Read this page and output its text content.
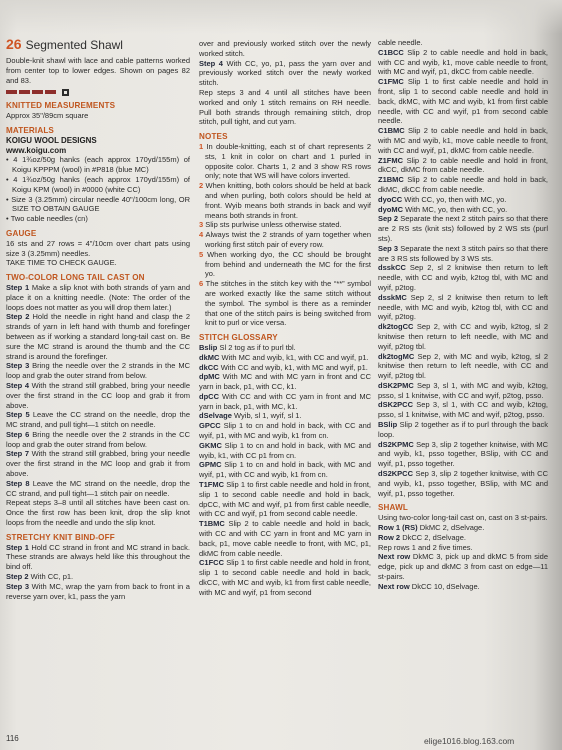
26 Segmented Shawl
Double-knit shawl with lace and cable patterns worked from center top to lower edges. Shown on pages 82 and 83.
KNITTED MEASUREMENTS
Approx 35"/89cm square
MATERIALS
KOIGU WOOL DESIGNS
www.koigu.com
• 4 1¾oz/50g hanks (each approx 170yd/155m) of Koigu KPPPM (wool) in #P818 (blue MC)
• 4 1¾oz/50g hanks (each approx 170yd/155m) of Koigu KPM (wool) in #0000 (white CC)
• Size 3 (3.25mm) circular needle 40"/100cm long, OR SIZE TO OBTAIN GAUGE
• Two cable needles (cn)
GAUGE
16 sts and 27 rows = 4"/10cm over chart pats using size 3 (3.25mm) needles.
TAKE TIME TO CHECK GAUGE.
TWO-COLOR LONG TAIL CAST ON
Step 1 Make a slip knot with both strands of yarn and place it on a knitting needle. (Note: The order of the loops does not matter as you will drop them later.)
Step 2 Hold the needle in right hand and clasp the 2 strands of yarn in left hand with thumb and forefinger between as if working a standard long-tail cast on. Be sure the MC strand is around the thumb and the CC strand is around the forefinger.
Step 3 Bring the needle over the 2 strands in the MC loop and grab the outer strand from below.
Step 4 With the strand still grabbed, bring your needle over the first strand in the CC loop and grab it from above.
Step 5 Leave the CC strand on the needle, drop the MC strand, and pull tight—1 stitch on needle.
Step 6 Bring the needle over the 2 strands in the CC loop and grab the outer strand from below.
Step 7 With the strand still grabbed, bring your needle over the first strand in the MC loop and grab it from above.
Step 8 Leave the MC strand on the needle, drop the CC strand, and pull tight—1 stitch pair on needle.
Repeat steps 3–8 until all stitches have been cast on. Once the first row has been knit, drop the slip knot loops from the needle and undo the slip knot.
STRETCHY KNIT BIND-OFF
Step 1 Hold CC strand in front and MC strand in back. These strands are always held like this throughout the bind off.
Step 2 With CC, p1.
Step 3 With MC, wrap the yarn from back to front in a reverse yarn over, k1, pass the yarn
over and previously worked stitch over the newly worked stitch.
Step 4 With CC, yo, p1, pass the yarn over and previously worked stitch over the newly worked stitch.
Rep steps 3 and 4 until all stitches have been worked and only 1 stitch remains on RH needle. Pull both strands through remaining stitch, drop stitch, pull tight, and cut yarn.
NOTES
1 In double-knitting, each st of chart represents 2 sts, 1 knit in color on chart and 1 purled in opposite color. Charts 1, 2 and 3 show RS rows only; note that WS will have colors inverted.
2 When knitting, both colors should be held at back and when purling, both colors should be held at front. Wyib means both strands in back and wyif means both strands in front.
3 Slip sts purlwise unless otherwise stated.
4 Always twist the 2 strands of yarn together when working first stitch pair of every row.
5 When working dyo, the CC should be brought from behind and underneath the MC for the first yo.
6 The stitches in the stitch key with the “**” symbol are worked exactly like the same stitch without the symbol. The symbol is there as a reminder that one of the stitch pairs is being switched from knit to purl or vice versa.
STITCH GLOSSARY
Bslip Sl 2 tog as if to purl tbl.
dkMC With MC and wyib, k1, with CC and wyif, p1.
dkCC With CC and wyib, k1, with MC and wyif, p1.
dpMC With MC and with MC yarn in front and CC yarn in back, p1, with CC, k1.
dpCC With CC and with CC yarn in front and MC yarn in back, p1, with MC, k1.
dSelvage Wyib, sl 1, wyif, sl 1.
GPCC Slip 1 to cn and hold in back, with CC and wyif, p1, with MC and wyib, k1 from cn.
GKMC Slip 1 to cn and hold in back, with MC and wyib, k1, with CC p1 from cn.
GPMC Slip 1 to cn and hold in back, with MC and wyif, p1, with CC and wyib, k1 from cn.
T1FMC Slip 1 to first cable needle and hold in front, slip 1 to second cable needle and hold in back, dpCC, with MC and wyif, p1 from first cable needle, with CC and wyif, p1 from second cable needle.
T1BMC Slip 2 to cable needle and hold in back, with CC and with CC yarn in front and MC yarn in back, p1, move cable needle to front, with MC, p1, dkMC from cable needle.
C1FCC Slip 1 to first cable needle and hold in front, slip 1 to second cable needle and hold in back, dkCC, with MC and wyib, k1 from first cable needle, with MC and wyif, p1 from second
cable needle.
C1BCC Slip 2 to cable needle and hold in back, with CC and wyib, k1, move cable needle to front, with MC and wyif, p1, dkCC from cable needle.
C1FMC Slip 1 to first cable needle and hold in front, slip 1 to second cable needle and hold in back, dkMC, with MC and wyib, k1 from first cable needle, with CC and wyif, p1 from second cable needle.
C1BMC Slip 2 to cable needle and hold in back, with MC and wyib, k1, move cable needle to front, with CC and wyif, p1, dkMC from cable needle.
Z1FMC Slip 2 to cable needle and hold in front, dkCC, dkMC from cable needle.
Z1BMC Slip 2 to cable needle and hold in back, dkMC, dkCC from cable needle.
dyoCC With CC, yo, then with MC, yo.
dyoMC With MC, yo, then with CC, yo.
Sep 2 Separate the next 2 stitch pairs so that there are 2 RS sts (knit sts) followed by 2 WS sts (purl sts).
Sep 3 Separate the next 3 stitch pairs so that there are 3 RS sts followed by 3 WS sts.
dsskCC Sep 2, sl 2 knitwise then return to left needle, with CC and wyib, k2tog tbl, with MC and wyif, p2tog.
dsskMC Sep 2, sl 2 knitwise then return to left needle, with MC and wyib, k2tog tbl, with CC and wyif, p2tog.
dk2togCC Sep 2, with CC and wyib, k2tog, sl 2 knitwise then return to left needle, with MC and wyif, p2tog tbl.
dk2togMC Sep 2, with MC and wyib, k2tog, sl 2 knitwise then return to left needle, with CC and wyif, p2tog tbl.
dSK2PMC Sep 3, sl 1, with MC and wyib, k2tog, psso, sl 1 knitwise, with CC and wyif, p2tog, psso.
dSK2PCC Sep 3, sl 1, with CC and wyib, k2tog, psso, sl 1 knitwise, with MC and wyif, p2tog, psso.
BSlip Slip 2 together as if to purl through the back loop.
dS2KPMC Sep 3, slip 2 together knitwise, with MC and wyib, k1, psso together, BSlip, with CC and wyif, p1, psso together.
dS2KPCC Sep 3, slip 2 together knitwise, with CC and wyib, k1, psso together, BSlip, with MC and wyif, p1, psso together.
SHAWL
Using two-color long-tail cast on, cast on 3 st-pairs.
Row 1 (RS) DkMC 2, dSelvage.
Row 2 DkCC 2, dSelvage.
Rep rows 1 and 2 five times.
Next row DkMC 3, pick up and dkMC 5 from side edge, pick up and dkMC 3 from cast on edge—11 st-pairs.
Next row DkCC 10, dSelvage.
116	elige1016.blog.163.com
